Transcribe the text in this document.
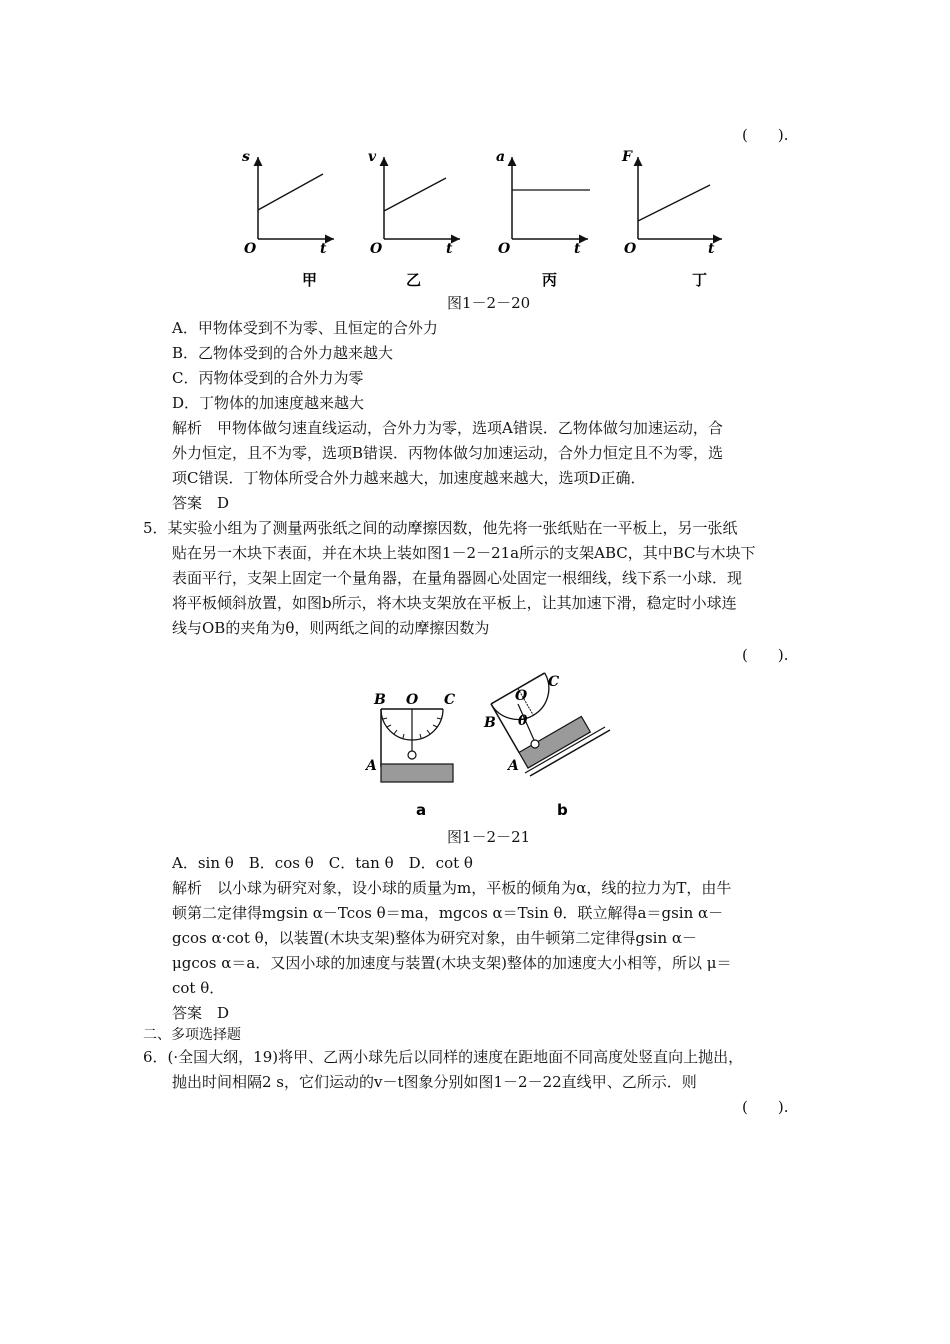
(　　).
s
O	t
甲
v
O	t
乙
a
O	t
丙
F
O	t
丁
图1－2－20
A．甲物体受到不为零、且恒定的合外力
B．乙物体受到的合外力越来越大
C．丙物体受到的合外力为零
D．丁物体的加速度越来越大
解析　甲物体做匀速直线运动，合外力为零，选项A错误．乙物体做匀加速运动，合
外力恒定，且不为零，选项B错误．丙物体做匀加速运动，合外力恒定且不为零，选
项C错误．丁物体所受合外力越来越大，加速度越来越大，选项D正确．
答案　D
5．某实验小组为了测量两张纸之间的动摩擦因数，他先将一张纸贴在一平板上，另一张纸
贴在另一木块下表面，并在木块上装如图1－2－21a所示的支架ABC，其中BC与木块下
表面平行，支架上固定一个量角器，在量角器圆心处固定一根细线，线下系一小球．现
将平板倾斜放置，如图b所示，将木块支架放在平板上，让其加速下滑，稳定时小球连
线与OB的夹角为θ，则两纸之间的动摩擦因数为
(　　).
B O C
A
a
O
C
B θ
A
b
图1－2－21
A．sin θ　B．cos θ　C．tan θ　D．cot θ
解析　以小球为研究对象，设小球的质量为m，平板的倾角为α，线的拉力为T，由牛
顿第二定律得mgsin α－Tcos θ＝ma，mgcos α＝Tsin θ．联立解得a＝gsin α－
gcos α·cot θ，以装置(木块支架)整体为研究对象，由牛顿第二定律得gsin α－
μgcos α＝a．又因小球的加速度与装置(木块支架)整体的加速度大小相等，所以 μ＝
cot θ．
答案　D
二、多项选择题
6．(·全国大纲，19)将甲、乙两小球先后以同样的速度在距地面不同高度处竖直向上抛出，
抛出时间相隔2 s，它们运动的v－t图象分别如图1－2－22直线甲、乙所示．则
(　　).
